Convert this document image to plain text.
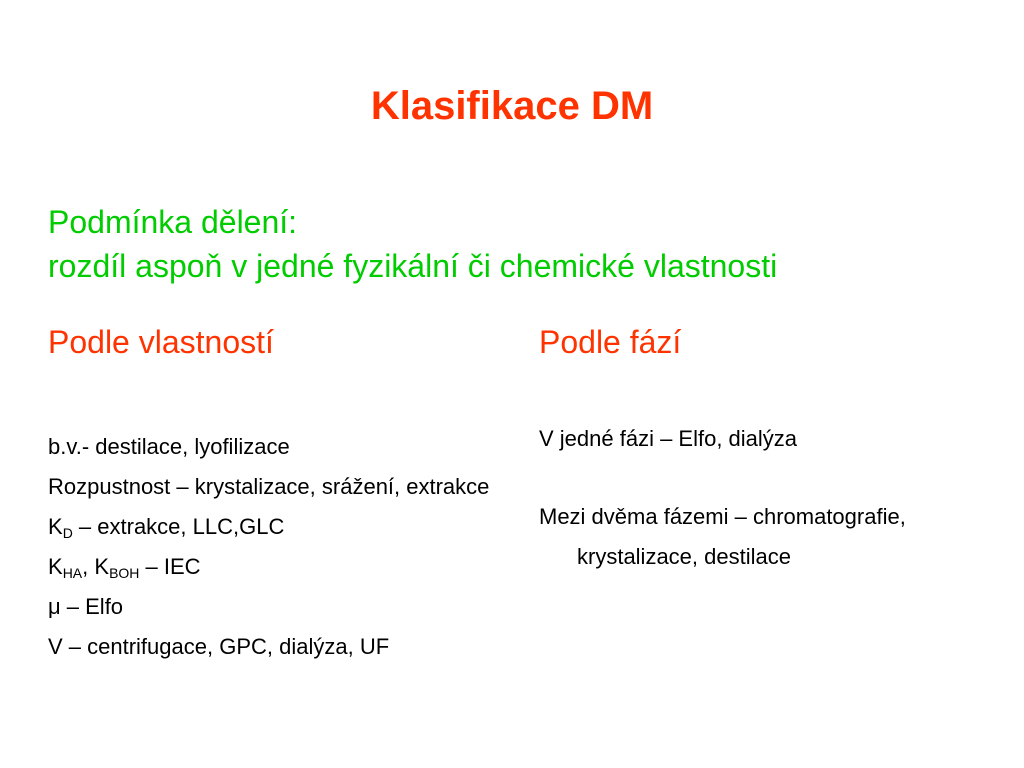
Klasifikace DM
Podmínka dělení:
rozdíl aspoň v jedné fyzikální či chemické vlastnosti
Podle vlastností	Podle fází
b.v.- destilace, lyofilizace
Rozpustnost – krystalizace, srážení, extrakce
$K_D$ – extrakce, LLC,GLC
$K_{HA}$, $K_{BOH}$ – IEC
μ – Elfo
V – centrifugace, GPC, dialýza, UF
V jedné fázi – Elfo, dialýza
Mezi dvěma fázemi – chromatografie, krystalizace, destilace
